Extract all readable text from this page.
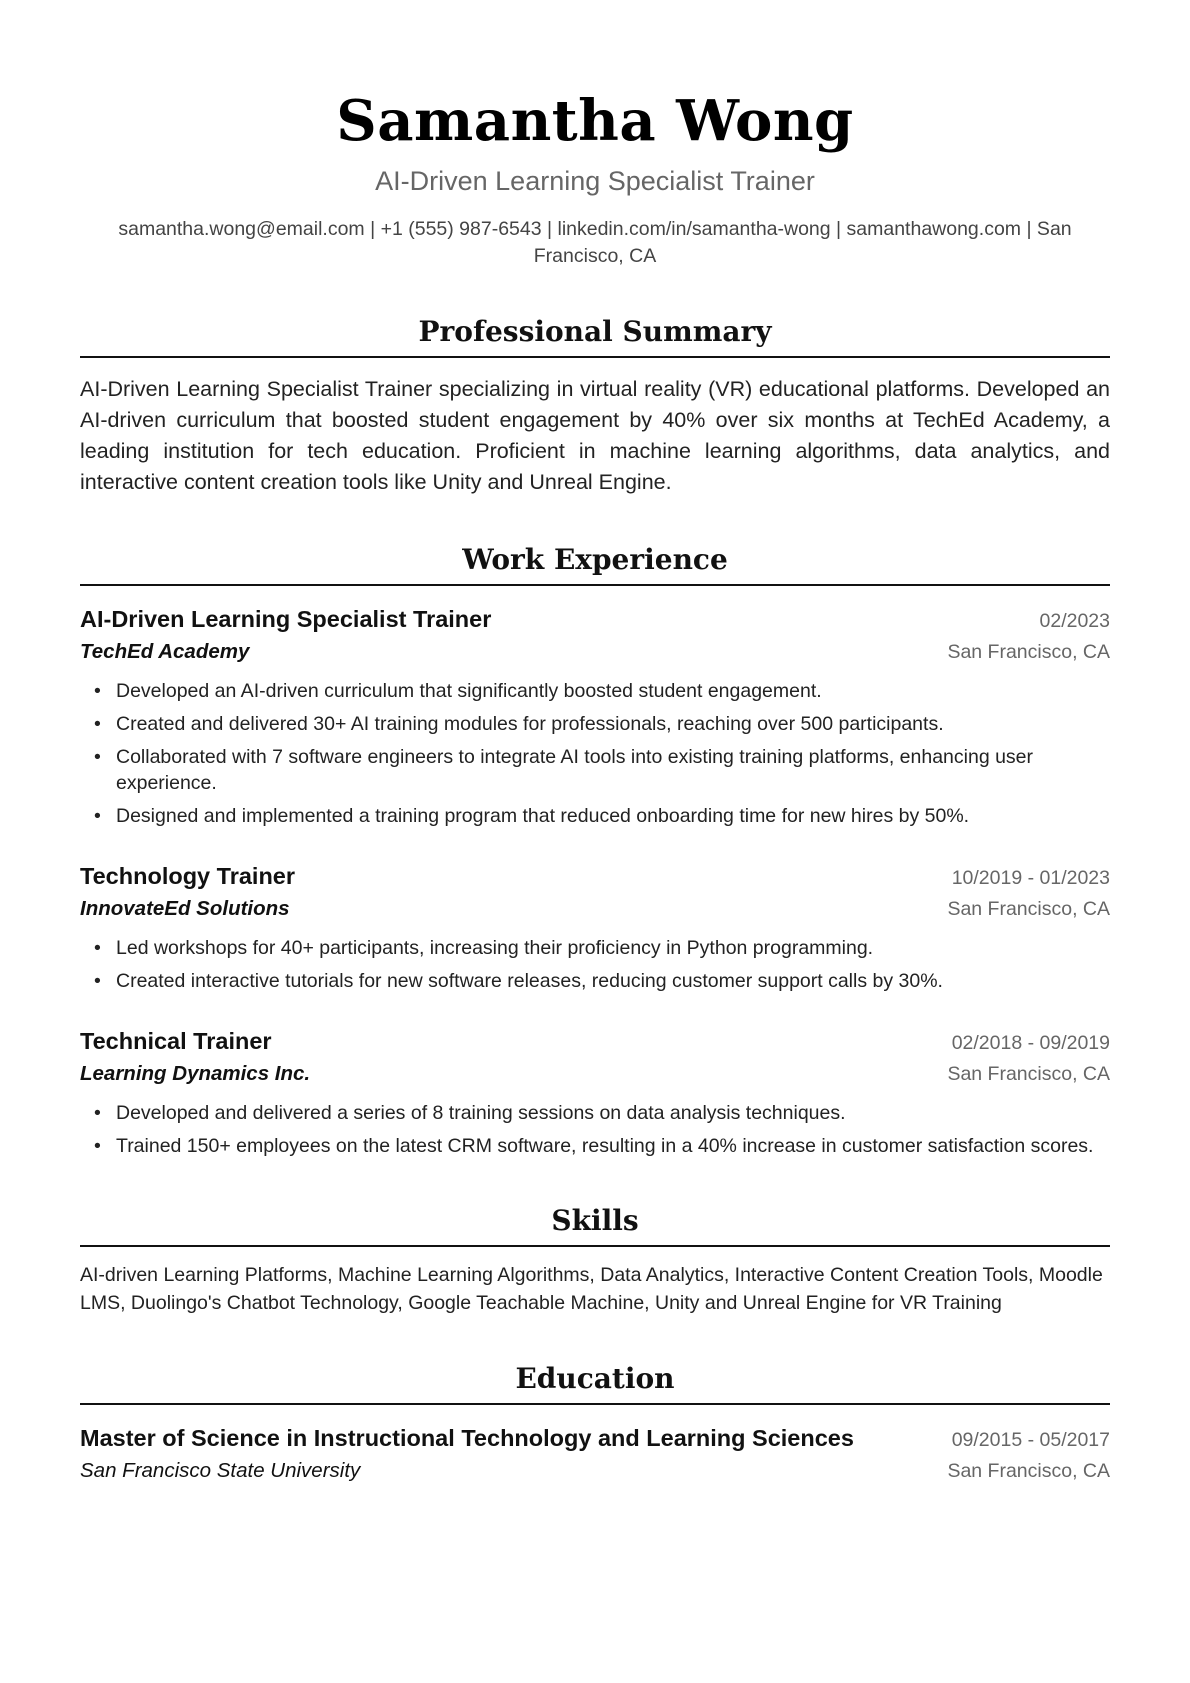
Samantha Wong
AI-Driven Learning Specialist Trainer
samantha.wong@email.com | +1 (555) 987-6543 | linkedin.com/in/samantha-wong | samanthawong.com | San Francisco, CA
Professional Summary
AI-Driven Learning Specialist Trainer specializing in virtual reality (VR) educational platforms. Developed an AI-driven curriculum that boosted student engagement by 40% over six months at TechEd Academy, a leading institution for tech education. Proficient in machine learning algorithms, data analytics, and interactive content creation tools like Unity and Unreal Engine.
Work Experience
AI-Driven Learning Specialist Trainer	02/2023
TechEd Academy	San Francisco, CA
• Developed an AI-driven curriculum that significantly boosted student engagement.
• Created and delivered 30+ AI training modules for professionals, reaching over 500 participants.
• Collaborated with 7 software engineers to integrate AI tools into existing training platforms, enhancing user experience.
• Designed and implemented a training program that reduced onboarding time for new hires by 50%.
Technology Trainer	10/2019 - 01/2023
InnovateEd Solutions	San Francisco, CA
• Led workshops for 40+ participants, increasing their proficiency in Python programming.
• Created interactive tutorials for new software releases, reducing customer support calls by 30%.
Technical Trainer	02/2018 - 09/2019
Learning Dynamics Inc.	San Francisco, CA
• Developed and delivered a series of 8 training sessions on data analysis techniques.
• Trained 150+ employees on the latest CRM software, resulting in a 40% increase in customer satisfaction scores.
Skills
AI-driven Learning Platforms, Machine Learning Algorithms, Data Analytics, Interactive Content Creation Tools, Moodle LMS, Duolingo's Chatbot Technology, Google Teachable Machine, Unity and Unreal Engine for VR Training
Education
Master of Science in Instructional Technology and Learning Sciences	09/2015 - 05/2017
San Francisco State University	San Francisco, CA
